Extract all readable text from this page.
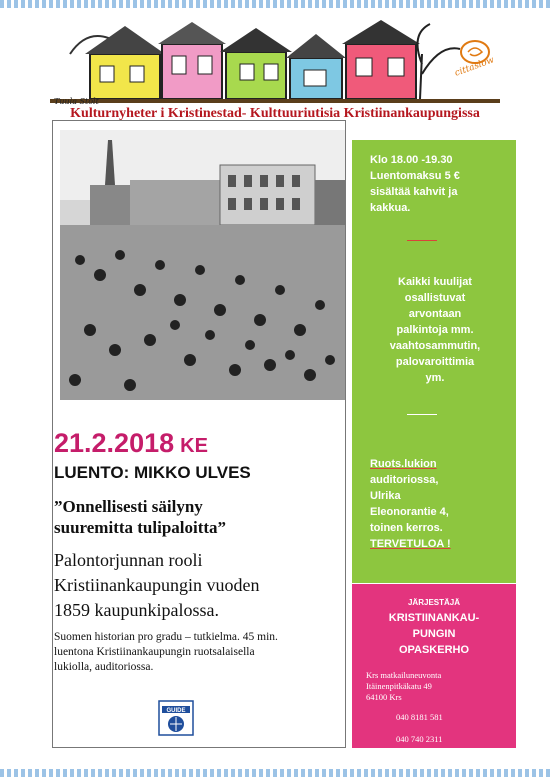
Tuula Stolt
cittaslow
Kulturnyheter i Kristinestad- Kulttuuriutisia Kristiinankaupungissa
21.2.2018 KE
LUENTO: MIKKO ULVES
”Onnellisesti säilyny
suuremitta tulipaloitta”
Palontorjunnan rooli
Kristiinankaupungin vuoden
1859 kaupunkipalossa.
Suomen historian pro gradu – tutkielma. 45 min.
luentona Kristiinankaupungin ruotsalaisella
lukiolla, auditoriossa.
GUIDE

Klo 18.00 -19.30

Luentomaksu 5 €

sisältää kahvit ja

kakkua.

Kaikki kuulijat

osallistuvat

arvontaan

palkintoja mm.

vaahtosammutin,

palovaroittimia

ym.

Ruots.lukion

auditoriossa,

Ulrika

Eleonorantie 4,

toinen kerros.

TERVETULOA !

JÄRJESTÄJÄ
KRISTIINANKAU-
PUNGIN
OPASKERHO
Krs matkailuneuvonta
Itäinenpitkäkatu 49
64100 Krs
040 8181 581
040 740 2311
